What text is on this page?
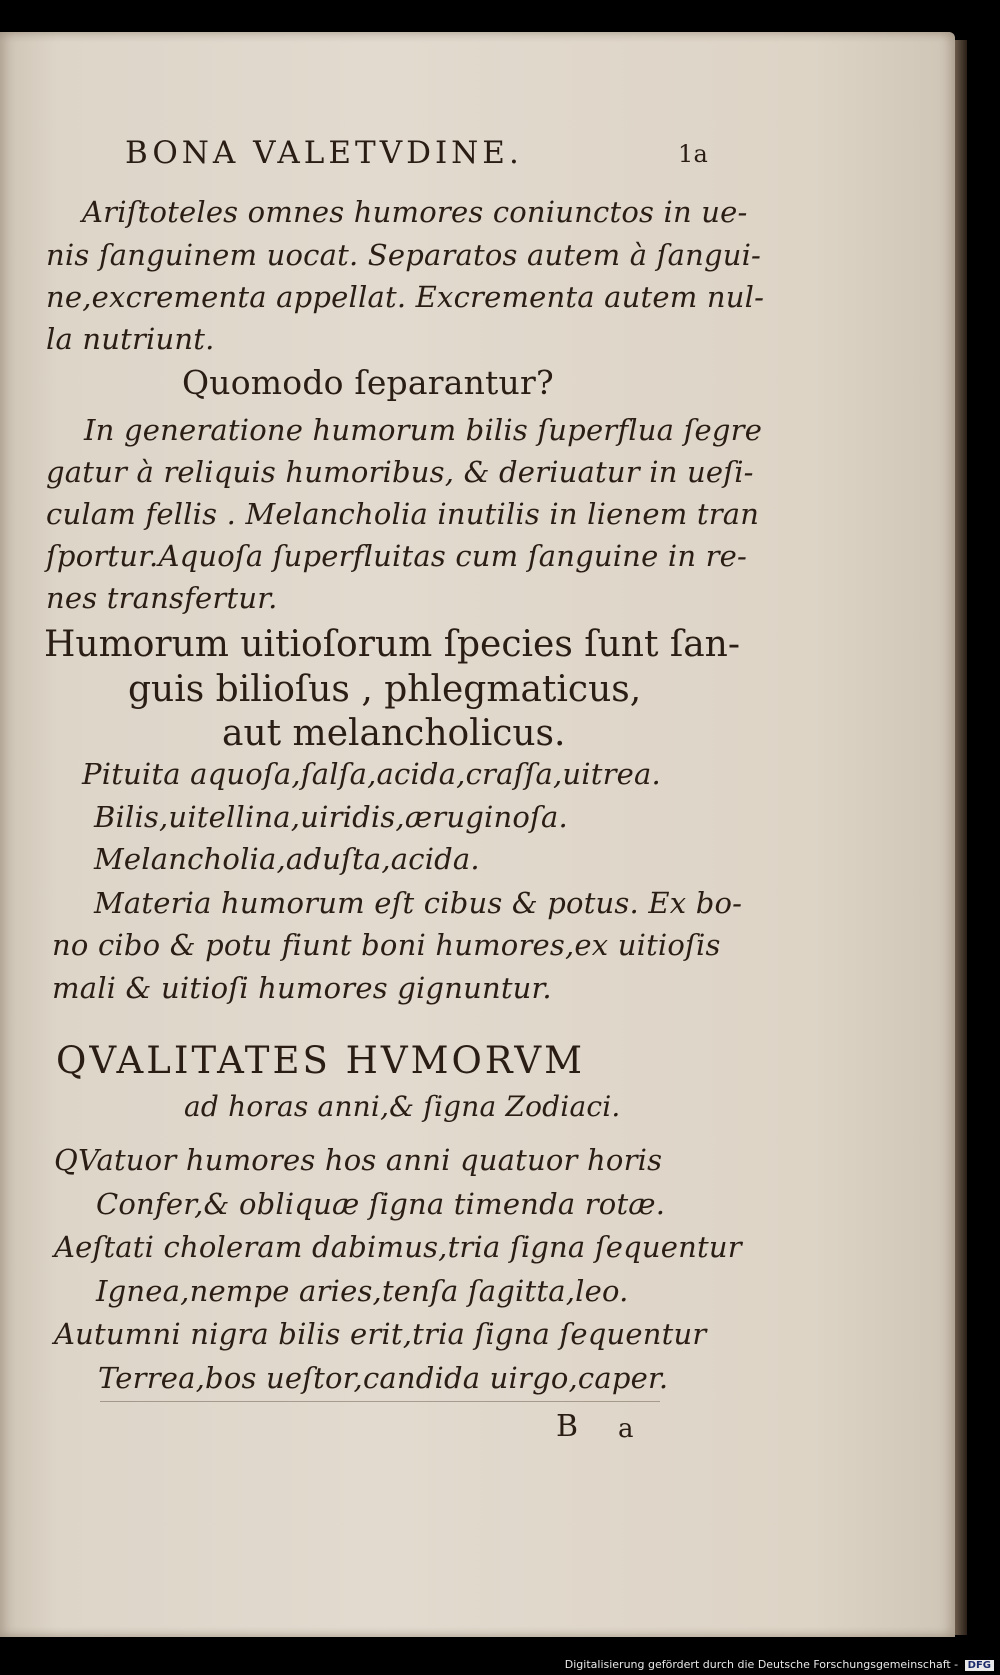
BONA VALETVDINE.	1a
Ariſtoteles omnes humores coniunctos in ue-
nis ſanguinem uocat. Separatos autem à ſangui-
ne,excrementa appellat. Excrementa autem nul-
la nutriunt.
Quomodo ſeparantur?
In generatione humorum bilis ſuperflua ſegre
gatur à reliquis humoribus, & deriuatur in ueſi-
culam fellis . Melancholia inutilis in lienem tran
ſportur.Aquoſa ſuperfluitas cum ſanguine in re-
nes transfertur.
Humorum uitioſorum ſpecies ſunt ſan-
guis bilioſus , phlegmaticus,
aut melancholicus.
Pituita aquoſa,ſalſa,acida,craſſa,uitrea.
Bilis,uitellina,uiridis,æruginoſa.
Melancholia,aduſta,acida.
Materia humorum eſt cibus & potus. Ex bo-
no cibo & potu fiunt boni humores,ex uitioſis
mali & uitioſi humores gignuntur.
QVALITATES HVMORVM
ad horas anni,& ſigna Zodiaci.
QVatuor humores hos anni quatuor horis
Confer,& obliquæ ſigna timenda rotæ.
Aeſtati choleram dabimus,tria ſigna ſequentur
Ignea,nempe aries,tenſa ſagitta,leo.
Autumni nigra bilis erit,tria ſigna ſequentur
Terrea,bos ueſtor,candida uirgo,caper.
B a
Digitalisierung gefördert durch die Deutsche Forschungsgemeinschaft - DFG
